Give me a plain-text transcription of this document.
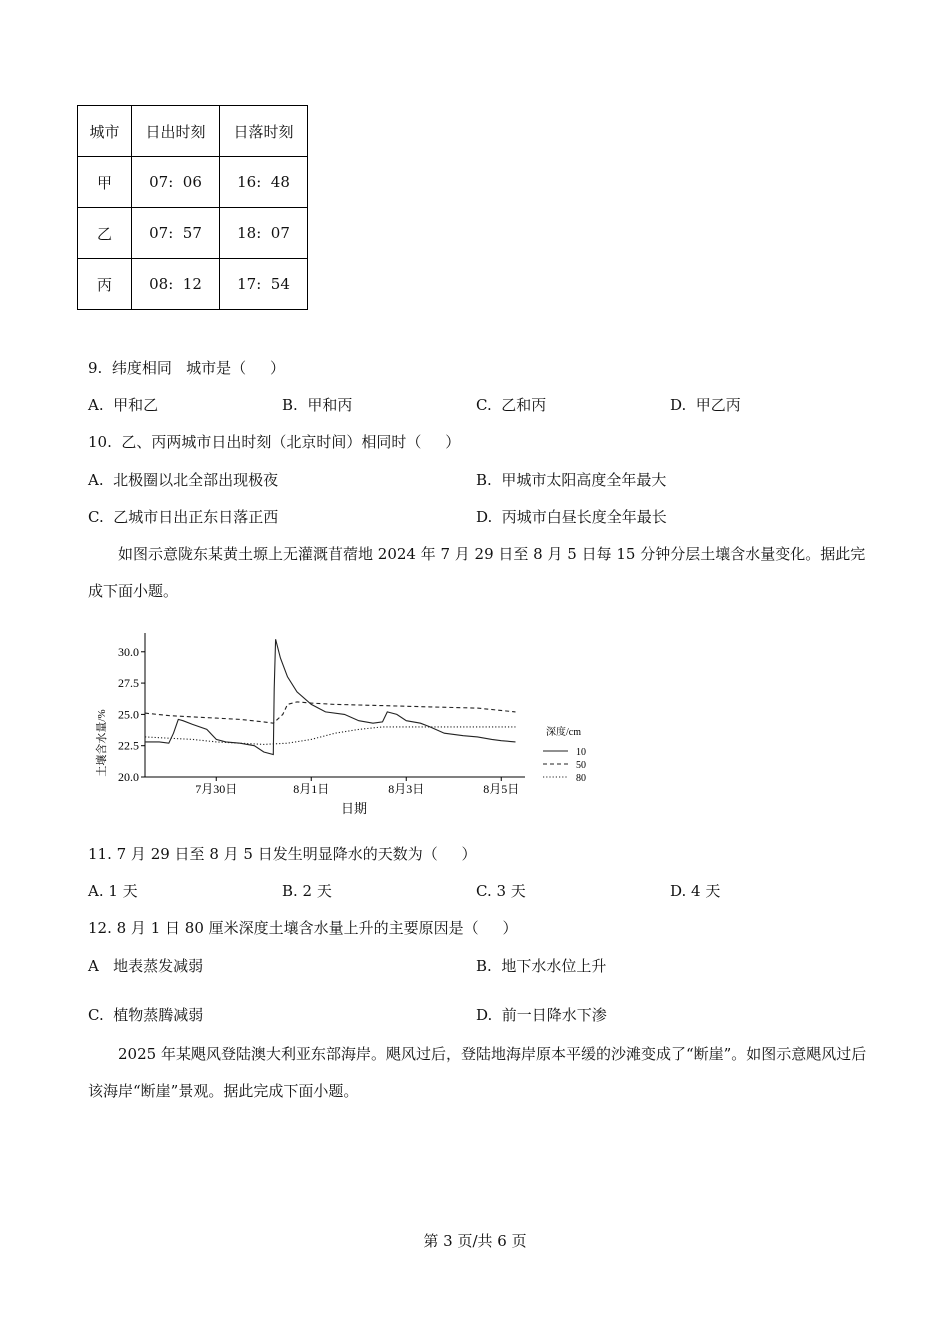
城市	日出时刻	日落时刻
甲	07:  06	16:  48
乙	07:  57	18:  07
丙	08:  12	17:  54
9.  纬度相同   城市是（     ）
A.  甲和乙	B.  甲和丙	C.  乙和丙	D.  甲乙丙
10.  乙、丙两城市日出时刻（北京时间）相同时（     ）
A.  北极圈以北全部出现极夜	B.  甲城市太阳高度全年最大
C.  乙城市日出正东日落正西	D.  丙城市白昼长度全年最长
如图示意陇东某黄土塬上无灌溉苜蓿地 2024 年 7 月 29 日至 8 月 5 日每 15 分钟分层土壤含水量变化。据此完成下面小题。
土壤含水量/%
日期
深度/cm
30.0
27.5
25.0
22.5
20.0
7月30日	8月1日	8月3日	8月5日
10
50
80
11. 7 月 29 日至 8 月 5 日发生明显降水的天数为（     ）
A. 1 天	B. 2 天	C. 3 天	D. 4 天
12. 8 月 1 日 80 厘米深度土壤含水量上升的主要原因是（     ）
A   地表蒸发减弱	B.  地下水水位上升
C.  植物蒸腾减弱	D.  前一日降水下渗
2025 年某飓风登陆澳大利亚东部海岸。飓风过后，登陆地海岸原本平缓的沙滩变成了“断崖”。如图示意飓风过后该海岸“断崖”景观。据此完成下面小题。
第 3 页/共 6 页
